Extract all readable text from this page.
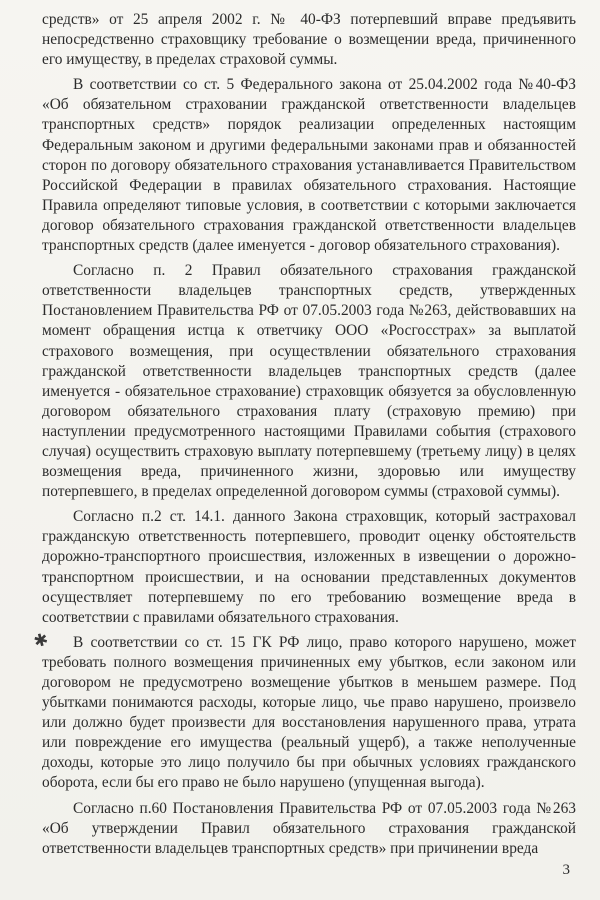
средств» от 25 апреля 2002 г. № 40-ФЗ потерпевший вправе предъявить непосредственно страховщику требование о возмещении вреда, причиненного его имуществу, в пределах страховой суммы.

В соответствии со ст. 5 Федерального закона от 25.04.2002 года №40-ФЗ «Об обязательном страховании гражданской ответственности владельцев транспортных средств» порядок реализации определенных настоящим Федеральным законом и другими федеральными законами прав и обязанностей сторон по договору обязательного страхования устанавливается Правительством Российской Федерации в правилах обязательного страхования. Настоящие Правила определяют типовые условия, в соответствии с которыми заключается договор обязательного страхования гражданской ответственности владельцев транспортных средств (далее именуется - договор обязательного страхования).

Согласно п. 2 Правил обязательного страхования гражданской ответственности владельцев транспортных средств, утвержденных Постановлением Правительства РФ от 07.05.2003 года №263, действовавших на момент обращения истца к ответчику ООО «Росгосстрах» за выплатой страхового возмещения, при осуществлении обязательного страхования гражданской ответственности владельцев транспортных средств (далее именуется - обязательное страхование) страховщик обязуется за обусловленную договором обязательного страхования плату (страховую премию) при наступлении предусмотренного настоящими Правилами события (страхового случая) осуществить страховую выплату потерпевшему (третьему лицу) в целях возмещения вреда, причиненного жизни, здоровью или имуществу потерпевшего, в пределах определенной договором суммы (страховой суммы).

Согласно п.2 ст. 14.1. данного Закона страховщик, который застраховал гражданскую ответственность потерпевшего, проводит оценку обстоятельств дорожно-транспортного происшествия, изложенных в извещении о дорожно-транспортном происшествии, и на основании представленных документов осуществляет потерпевшему по его требованию возмещение вреда в соответствии с правилами обязательного страхования.

В соответствии со ст. 15 ГК РФ лицо, право которого нарушено, может требовать полного возмещения причиненных ему убытков, если законом или договором не предусмотрено возмещение убытков в меньшем размере. Под убытками понимаются расходы, которые лицо, чье право нарушено, произвело или должно будет произвести для восстановления нарушенного права, утрата или повреждение его имущества (реальный ущерб), а также неполученные доходы, которые это лицо получило бы при обычных условиях гражданского оборота, если бы его право не было нарушено (упущенная выгода).

Согласно п.60 Постановления Правительства РФ от 07.05.2003 года №263 «Об утверждении Правил обязательного страхования гражданской ответственности владельцев транспортных средств» при причинении вреда

✱
3
